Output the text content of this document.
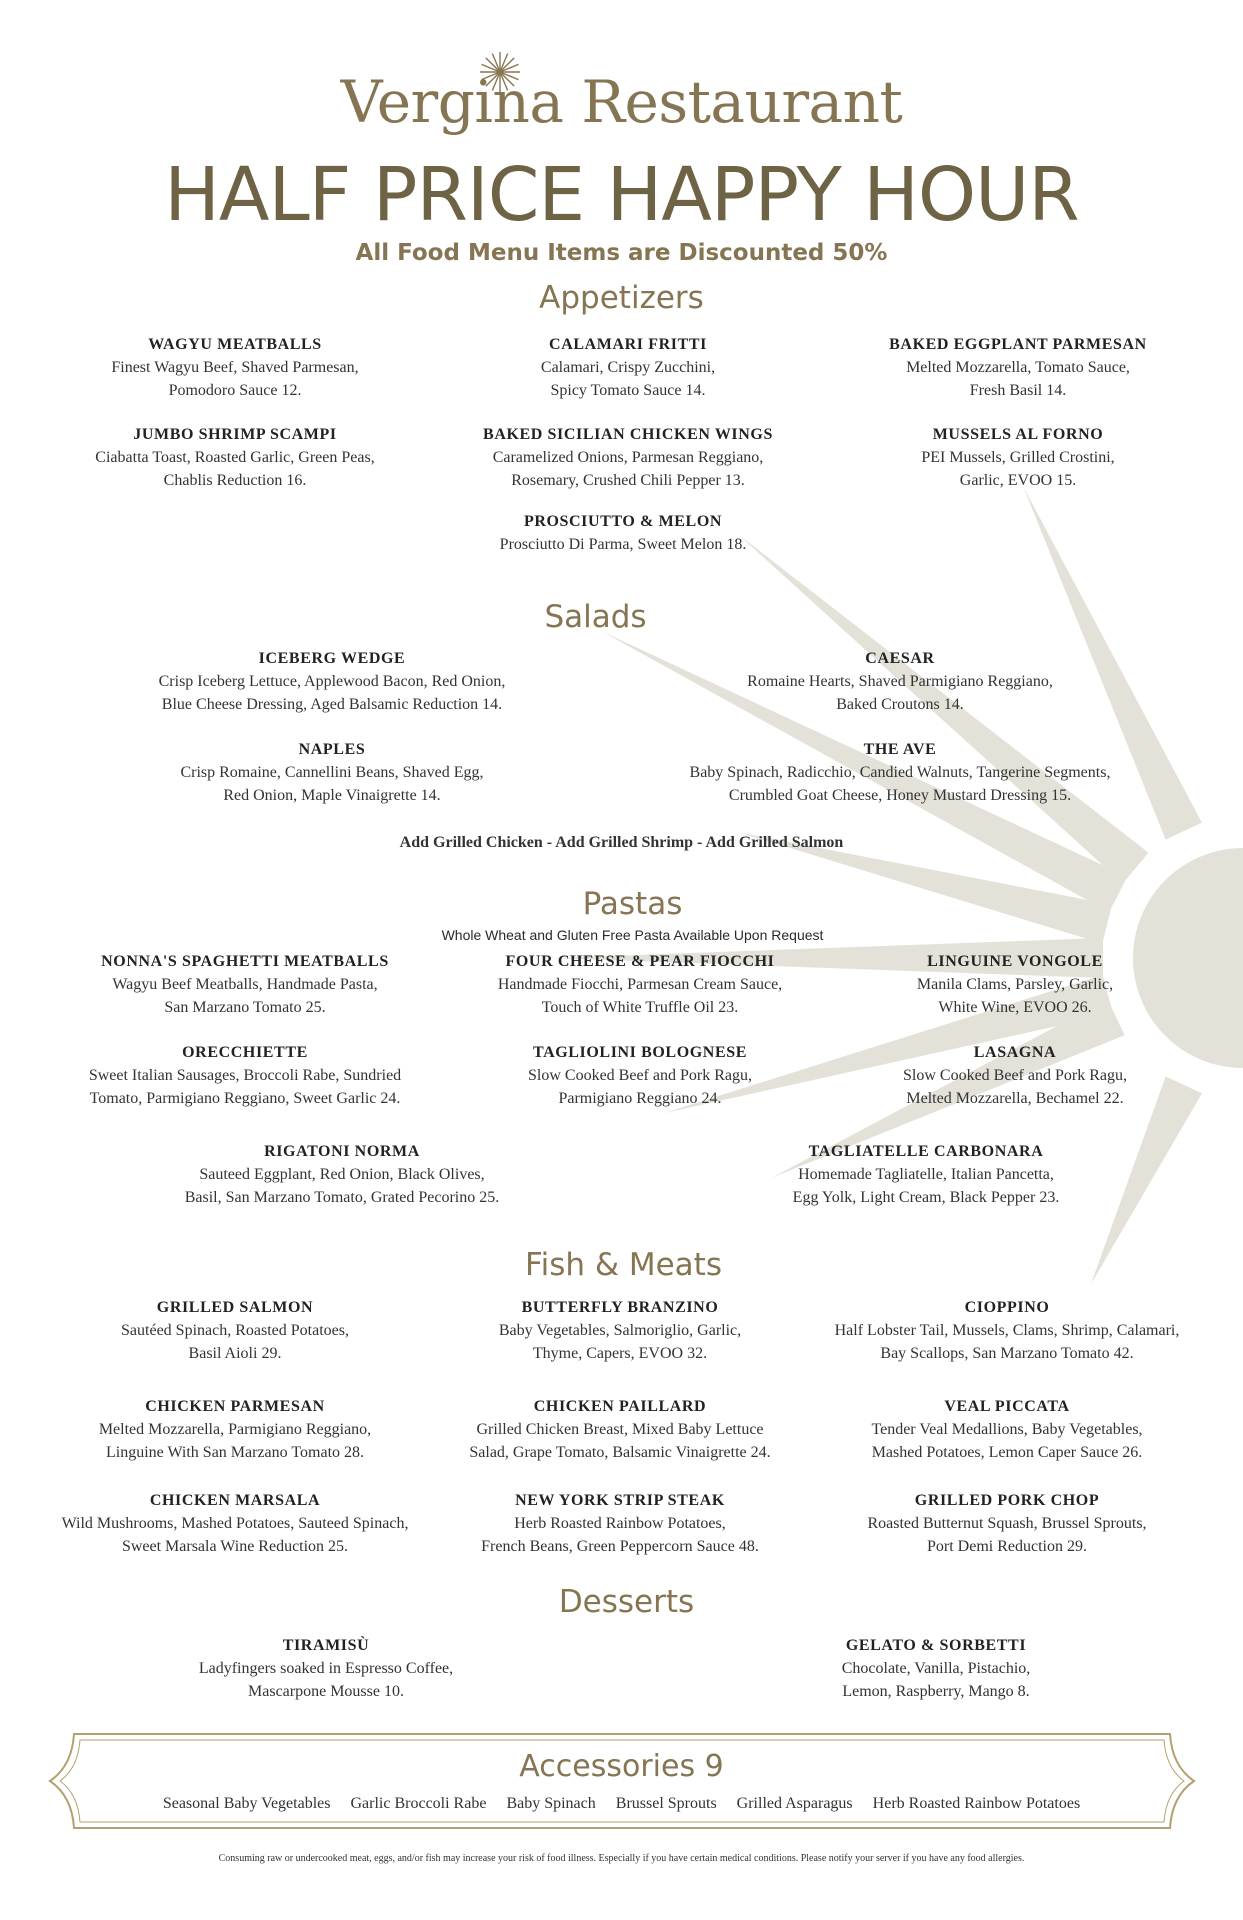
Vergina Restaurant
HALF PRICE HAPPY HOUR
All Food Menu Items are Discounted 50%
Appetizers
WAGYU MEATBALLS
Finest Wagyu Beef, Shaved Parmesan,
Pomodoro Sauce 12.
CALAMARI FRITTI
Calamari, Crispy Zucchini,
Spicy Tomato Sauce 14.
BAKED EGGPLANT PARMESAN
Melted Mozzarella, Tomato Sauce,
Fresh Basil 14.
JUMBO SHRIMP SCAMPI
Ciabatta Toast, Roasted Garlic, Green Peas,
Chablis Reduction 16.
BAKED SICILIAN CHICKEN WINGS
Caramelized Onions, Parmesan Reggiano,
Rosemary, Crushed Chili Pepper 13.
MUSSELS AL FORNO
PEI Mussels, Grilled Crostini,
Garlic, EVOO 15.
PROSCIUTTO & MELON
Prosciutto Di Parma, Sweet Melon 18.
Salads
ICEBERG WEDGE
Crisp Iceberg Lettuce, Applewood Bacon, Red Onion,
Blue Cheese Dressing, Aged Balsamic Reduction 14.
CAESAR
Romaine Hearts, Shaved Parmigiano Reggiano,
Baked Croutons 14.
NAPLES
Crisp Romaine, Cannellini Beans, Shaved Egg,
Red Onion, Maple Vinaigrette 14.
THE AVE
Baby Spinach, Radicchio, Candied Walnuts, Tangerine Segments,
Crumbled Goat Cheese, Honey Mustard Dressing 15.
Add Grilled Chicken - Add Grilled Shrimp - Add Grilled Salmon
Pastas
Whole Wheat and Gluten Free Pasta Available Upon Request
NONNA'S SPAGHETTI MEATBALLS
Wagyu Beef Meatballs, Handmade Pasta,
San Marzano Tomato 25.
FOUR CHEESE & PEAR FIOCCHI
Handmade Fiocchi, Parmesan Cream Sauce,
Touch of White Truffle Oil 23.
LINGUINE VONGOLE
Manila Clams, Parsley, Garlic,
White Wine, EVOO 26.
ORECCHIETTE
Sweet Italian Sausages, Broccoli Rabe, Sundried
Tomato, Parmigiano Reggiano, Sweet Garlic 24.
TAGLIOLINI BOLOGNESE
Slow Cooked Beef and Pork Ragu,
Parmigiano Reggiano 24.
LASAGNA
Slow Cooked Beef and Pork Ragu,
Melted Mozzarella, Bechamel 22.
RIGATONI NORMA
Sauteed Eggplant, Red Onion, Black Olives,
Basil, San Marzano Tomato, Grated Pecorino 25.
TAGLIATELLE CARBONARA
Homemade Tagliatelle, Italian Pancetta,
Egg Yolk, Light Cream, Black Pepper 23.
Fish & Meats
GRILLED SALMON
Sautéed Spinach, Roasted Potatoes,
Basil Aioli 29.
BUTTERFLY BRANZINO
Baby Vegetables, Salmoriglio, Garlic,
Thyme, Capers, EVOO 32.
CIOPPINO
Half Lobster Tail, Mussels, Clams, Shrimp, Calamari,
Bay Scallops, San Marzano Tomato 42.
CHICKEN PARMESAN
Melted Mozzarella, Parmigiano Reggiano,
Linguine With San Marzano Tomato 28.
CHICKEN PAILLARD
Grilled Chicken Breast, Mixed Baby Lettuce
Salad, Grape Tomato, Balsamic Vinaigrette 24.
VEAL PICCATA
Tender Veal Medallions, Baby Vegetables,
Mashed Potatoes, Lemon Caper Sauce 26.
CHICKEN MARSALA
Wild Mushrooms, Mashed Potatoes, Sauteed Spinach,
Sweet Marsala Wine Reduction 25.
NEW YORK STRIP STEAK
Herb Roasted Rainbow Potatoes,
French Beans, Green Peppercorn Sauce 48.
GRILLED PORK CHOP
Roasted Butternut Squash, Brussel Sprouts,
Port Demi Reduction 29.
Desserts
TIRAMISÙ
Ladyfingers soaked in Espresso Coffee,
Mascarpone Mousse 10.
GELATO & SORBETTI
Chocolate, Vanilla, Pistachio,
Lemon, Raspberry, Mango 8.
Accessories 9
Seasonal Baby Vegetables Garlic Broccoli Rabe Baby Spinach Brussel Sprouts Grilled Asparagus Herb Roasted Rainbow Potatoes
Consuming raw or undercooked meat, eggs, and/or fish may increase your risk of food illness. Especially if you have certain medical conditions. Please notify your server if you have any food allergies.
